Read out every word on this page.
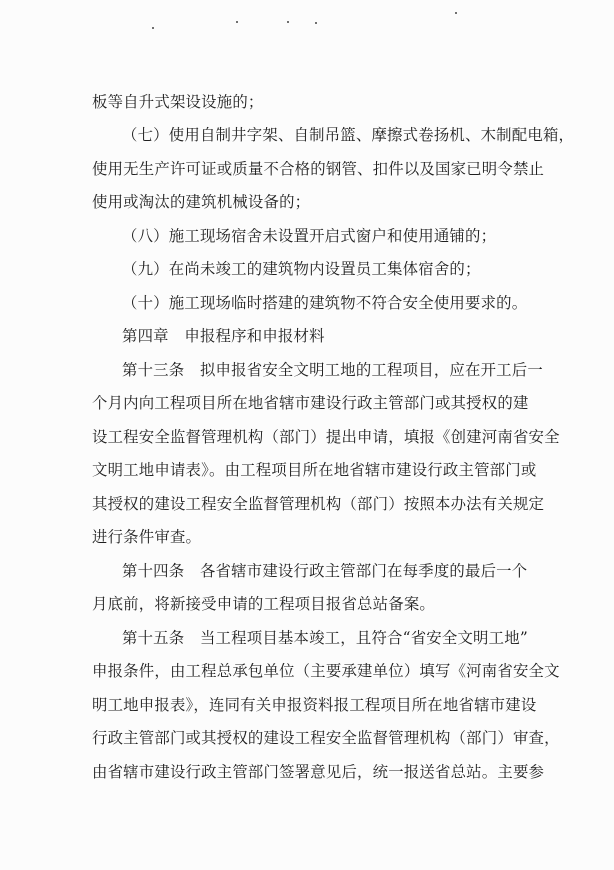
板等自升式架设设施的；
（七）使用自制井字架、自制吊篮、摩擦式卷扬机、木制配电箱，
使用无生产许可证或质量不合格的钢管、扣件以及国家已明令禁止
使用或淘汰的建筑机械设备的；
（八）施工现场宿舍未设置开启式窗户和使用通铺的；
（九）在尚未竣工的建筑物内设置员工集体宿舍的；
（十）施工现场临时搭建的建筑物不符合安全使用要求的。
第四章　申报程序和申报材料
第十三条　拟申报省安全文明工地的工程项目，应在开工后一
个月内向工程项目所在地省辖市建设行政主管部门或其授权的建
设工程安全监督管理机构（部门）提出申请，填报《创建河南省安全
文明工地申请表》。由工程项目所在地省辖市建设行政主管部门或
其授权的建设工程安全监督管理机构（部门）按照本办法有关规定
进行条件审查。
第十四条　各省辖市建设行政主管部门在每季度的最后一个
月底前，将新接受申请的工程项目报省总站备案。
第十五条　当工程项目基本竣工，且符合“省安全文明工地”
申报条件，由工程总承包单位（主要承建单位）填写《河南省安全文
明工地申报表》，连同有关申报资料报工程项目所在地省辖市建设
行政主管部门或其授权的建设工程安全监督管理机构（部门）审查，
由省辖市建设行政主管部门签署意见后，统一报送省总站。主要参
